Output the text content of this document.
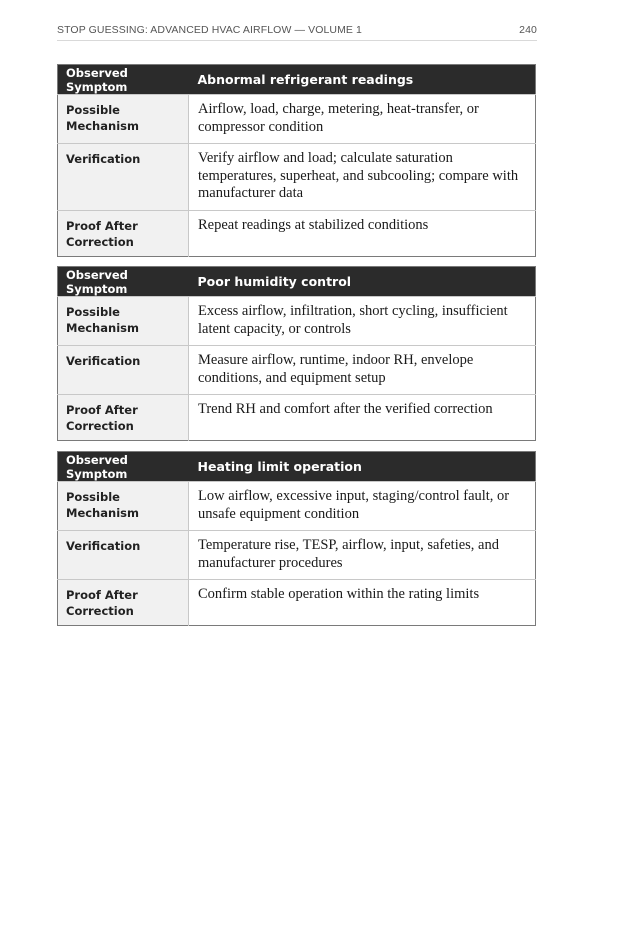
STOP GUESSING: ADVANCED HVAC AIRFLOW — VOLUME 1	240
Observed Symptom	Abnormal refrigerant readings
Possible Mechanism	Airflow, load, charge, metering, heat-transfer, or compressor condition
Verification	Verify airflow and load; calculate saturation temperatures, superheat, and subcooling; compare with manufacturer data
Proof After Correction	Repeat readings at stabilized conditions
Observed Symptom	Poor humidity control
Possible Mechanism	Excess airflow, infiltration, short cycling, insufficient latent capacity, or controls
Verification	Measure airflow, runtime, indoor RH, envelope conditions, and equipment setup
Proof After Correction	Trend RH and comfort after the verified correction
Observed Symptom	Heating limit operation
Possible Mechanism	Low airflow, excessive input, staging/control fault, or unsafe equipment condition
Verification	Temperature rise, TESP, airflow, input, safeties, and manufacturer procedures
Proof After Correction	Confirm stable operation within the rating limits
